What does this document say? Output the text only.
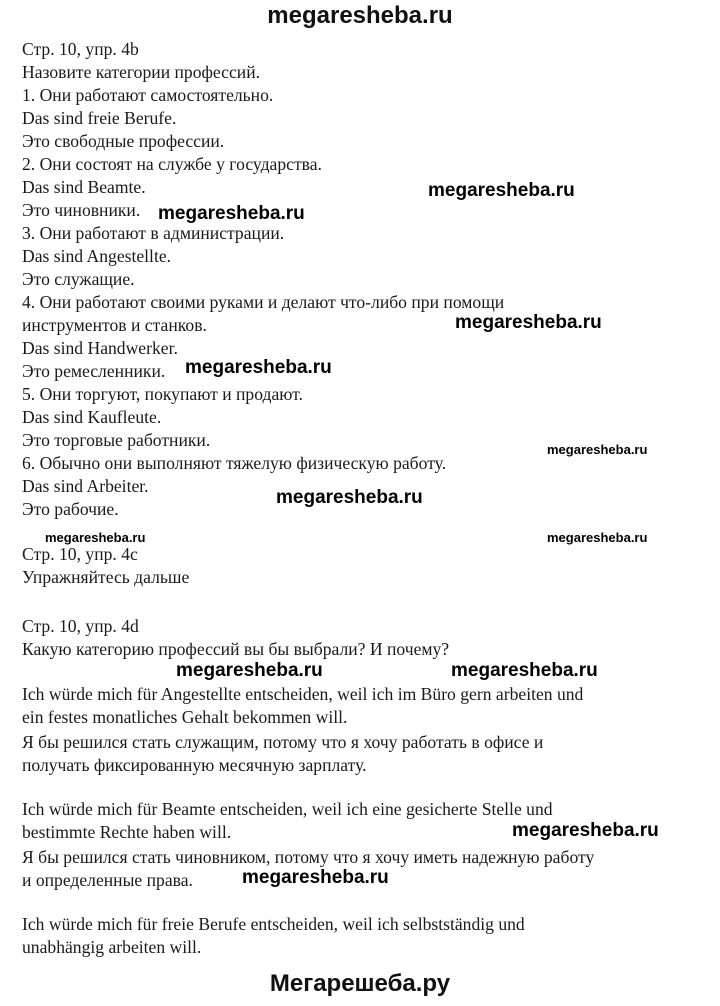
megaresheba.ru
Стр. 10, упр. 4b
Назовите категории профессий.
1. Они работают самостоятельно.
Das sind freie Berufe.
Это свободные профессии.
2. Они состоят на службе у государства.
Das sind Beamte.
Это чиновники.
3. Они работают в администрации.
Das sind Angestellte.
Это служащие.
4. Они работают своими руками и делают что-либо при помощи
инструментов и станков.
Das sind Handwerker.
Это ремесленники.
5. Они торгуют, покупают и продают.
Das sind Kaufleute.
Это торговые работники.
6. Обычно они выполняют тяжелую физическую работу.
Das sind Arbeiter.
Это рабочие.
Стр. 10, упр. 4c
Упражняйтесь дальше
Стр. 10, упр. 4d
Какую категорию профессий вы бы выбрали? И почему?
Ich würde mich für Angestellte entscheiden, weil ich im Büro gern arbeiten und
ein festes monatliches Gehalt bekommen will.
Я бы решился стать служащим, потому что я хочу работать в офисе и
получать фиксированную месячную зарплату.
Ich würde mich für Beamte entscheiden, weil ich eine gesicherte Stelle und
bestimmte Rechte haben will.
Я бы решился стать чиновником, потому что я хочу иметь надежную работу
и определенные права.
Ich würde mich für freie Berufe entscheiden, weil ich selbstständig und
unabhängig arbeiten will.
megaresheba.ru
megaresheba.ru
megaresheba.ru
megaresheba.ru
megaresheba.ru
megaresheba.ru
megaresheba.ru	megaresheba.ru
megaresheba.ru	megaresheba.ru
megaresheba.ru
megaresheba.ru
Мегарешеба.ру
